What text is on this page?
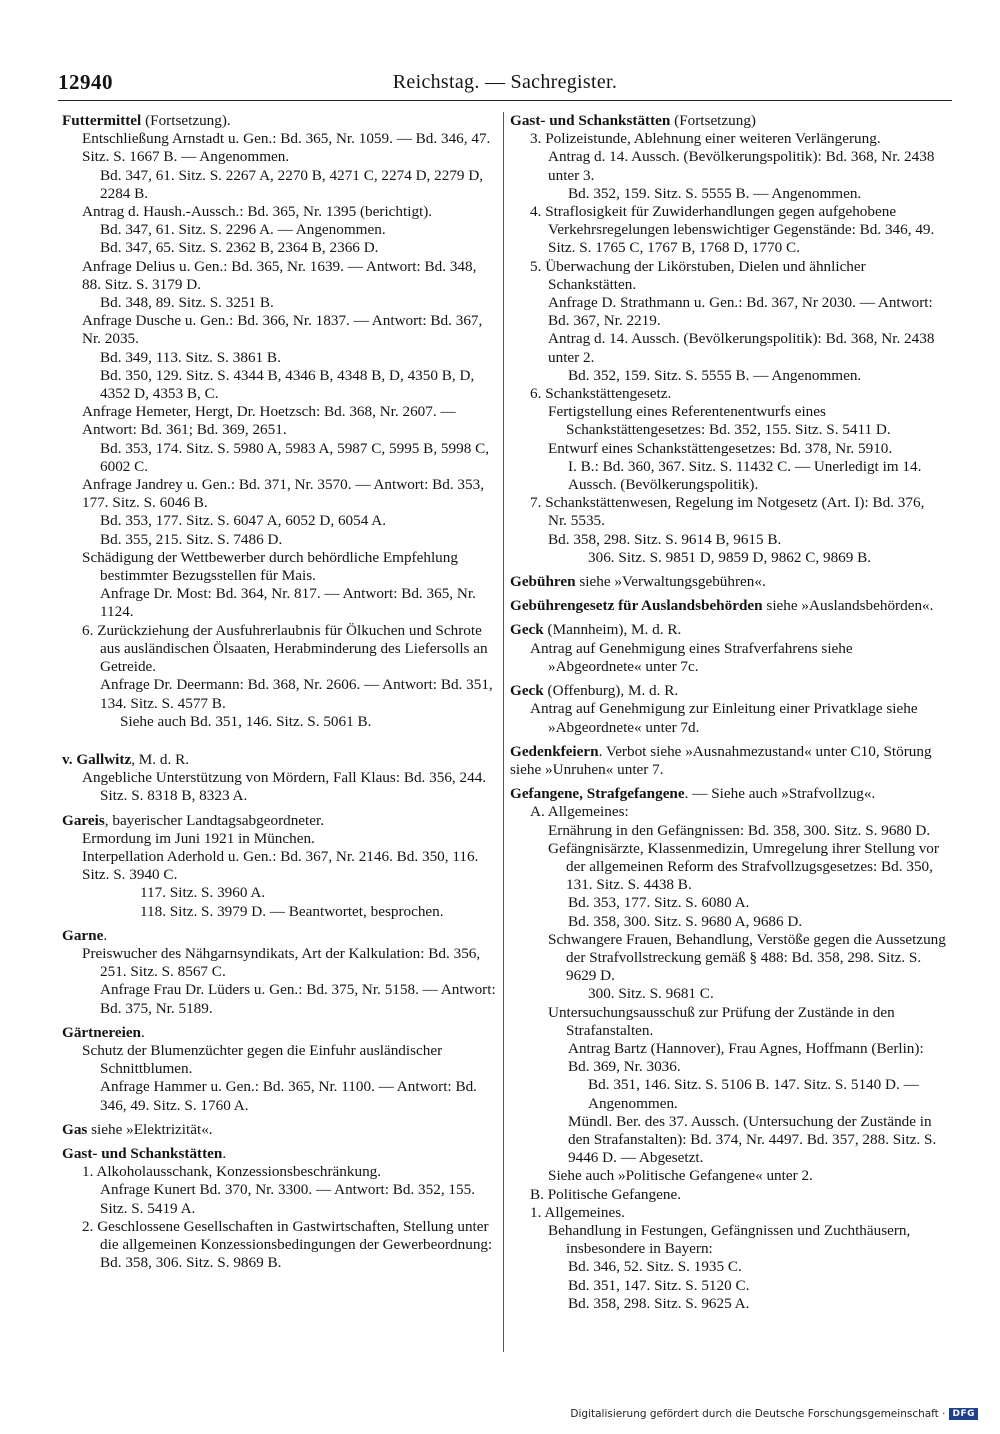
12940	Reichstag. — Sachregister.
Futtermittel (Fortsetzung).
Entschließung Arnstadt u. Gen.: Bd. 365, Nr. 1059. — Bd. 346, 47. Sitz. S. 1667 B. — Angenommen.
Bd. 347, 61. Sitz. S. 2267 A, 2270 B, 4271 C, 2274 D, 2279 D, 2284 B.
Antrag d. Haush.-Aussch.: Bd. 365, Nr. 1395 (berichtigt).
Bd. 347, 61. Sitz. S. 2296 A. — Angenommen.
Bd. 347, 65. Sitz. S. 2362 B, 2364 B, 2366 D.
Anfrage Delius u. Gen.: Bd. 365, Nr. 1639. — Antwort: Bd. 348, 88. Sitz. S. 3179 D.
Bd. 348, 89. Sitz. S. 3251 B.
Anfrage Dusche u. Gen.: Bd. 366, Nr. 1837. — Antwort: Bd. 367, Nr. 2035.
Bd. 349, 113. Sitz. S. 3861 B.
Bd. 350, 129. Sitz. S. 4344 B, 4346 B, 4348 B, D, 4350 B, D, 4352 D, 4353 B, C.
Anfrage Hemeter, Hergt, Dr. Hoetzsch: Bd. 368, Nr. 2607. — Antwort: Bd. 361; Bd. 369, 2651.
Bd. 353, 174. Sitz. S. 5980 A, 5983 A, 5987 C, 5995 B, 5998 C, 6002 C.
Anfrage Jandrey u. Gen.: Bd. 371, Nr. 3570. — Antwort: Bd. 353, 177. Sitz. S. 6046 B.
Bd. 353, 177. Sitz. S. 6047 A, 6052 D, 6054 A.
Bd. 355, 215. Sitz. S. 7486 D.
Schädigung der Wettbewerber durch behördliche Empfehlung bestimmter Bezugsstellen für Mais.
Anfrage Dr. Most: Bd. 364, Nr. 817. — Antwort: Bd. 365, Nr. 1124.
6. Zurückziehung der Ausfuhrerlaubnis für Ölkuchen und Schrote aus ausländischen Ölsaaten, Herabminderung des Liefersolls an Getreide.
Anfrage Dr. Deermann: Bd. 368, Nr. 2606. — Antwort: Bd. 351, 134. Sitz. S. 4577 B.
Siehe auch Bd. 351, 146. Sitz. S. 5061 B.
v. Gallwitz, M. d. R.
Angebliche Unterstützung von Mördern, Fall Klaus: Bd. 356, 244. Sitz. S. 8318 B, 8323 A.
Gareis, bayerischer Landtagsabgeordneter.
Ermordung im Juni 1921 in München.
Interpellation Aderhold u. Gen.: Bd. 367, Nr. 2146. Bd. 350, 116. Sitz. S. 3940 C.
117. Sitz. S. 3960 A.
118. Sitz. S. 3979 D. — Beantwortet, besprochen.
Garne.
Preiswucher des Nähgarnsyndikats, Art der Kalkulation: Bd. 356, 251. Sitz. S. 8567 C.
Anfrage Frau Dr. Lüders u. Gen.: Bd. 375, Nr. 5158. — Antwort: Bd. 375, Nr. 5189.
Gärtnereien.
Schutz der Blumenzüchter gegen die Einfuhr ausländischer Schnittblumen.
Anfrage Hammer u. Gen.: Bd. 365, Nr. 1100. — Antwort: Bd. 346, 49. Sitz. S. 1760 A.
Gas siehe »Elektrizität«.
Gast- und Schankstätten.
1. Alkoholausschank, Konzessionsbeschränkung.
Anfrage Kunert Bd. 370, Nr. 3300. — Antwort: Bd. 352, 155. Sitz. S. 5419 A.
2. Geschlossene Gesellschaften in Gastwirtschaften, Stellung unter die allgemeinen Konzessionsbedingungen der Gewerbeordnung: Bd. 358, 306. Sitz. S. 9869 B.
Gast- und Schankstätten (Fortsetzung)
3. Polizeistunde, Ablehnung einer weiteren Verlängerung.
Antrag d. 14. Aussch. (Bevölkerungspolitik): Bd. 368, Nr. 2438 unter 3.
Bd. 352, 159. Sitz. S. 5555 B. — Angenommen.
4. Straflosigkeit für Zuwiderhandlungen gegen aufgehobene Verkehrsregelungen lebenswichtiger Gegenstände: Bd. 346, 49. Sitz. S. 1765 C, 1767 B, 1768 D, 1770 C.
5. Überwachung der Likörstuben, Dielen und ähnlicher Schankstätten.
Anfrage D. Strathmann u. Gen.: Bd. 367, Nr 2030. — Antwort: Bd. 367, Nr. 2219.
Antrag d. 14. Aussch. (Bevölkerungspolitik): Bd. 368, Nr. 2438 unter 2.
Bd. 352, 159. Sitz. S. 5555 B. — Angenommen.
6. Schankstättengesetz.
Fertigstellung eines Referentenentwurfs eines Schankstättengesetzes: Bd. 352, 155. Sitz. S. 5411 D.
Entwurf eines Schankstättengesetzes: Bd. 378, Nr. 5910.
I. B.: Bd. 360, 367. Sitz. S. 11432 C. — Unerledigt im 14. Aussch. (Bevölkerungspolitik).
7. Schankstättenwesen, Regelung im Notgesetz (Art. I): Bd. 376, Nr. 5535.
Bd. 358, 298. Sitz. S. 9614 B, 9615 B.
306. Sitz. S. 9851 D, 9859 D, 9862 C, 9869 B.
Gebühren siehe »Verwaltungsgebühren«.
Gebührengesetz für Auslandsbehörden siehe »Auslandsbehörden«.
Geck (Mannheim), M. d. R.
Antrag auf Genehmigung eines Strafverfahrens siehe »Abgeordnete« unter 7c.
Geck (Offenburg), M. d. R.
Antrag auf Genehmigung zur Einleitung einer Privatklage siehe »Abgeordnete« unter 7d.
Gedenkfeiern. Verbot siehe »Ausnahmezustand« unter C10, Störung siehe »Unruhen« unter 7.
Gefangene, Strafgefangene. — Siehe auch »Strafvollzug«.
A. Allgemeines:
Ernährung in den Gefängnissen: Bd. 358, 300. Sitz. S. 9680 D.
Gefängnisärzte, Klassenmedizin, Umregelung ihrer Stellung vor der allgemeinen Reform des Strafvollzugsgesetzes: Bd. 350, 131. Sitz. S. 4438 B.
Bd. 353, 177. Sitz. S. 6080 A.
Bd. 358, 300. Sitz. S. 9680 A, 9686 D.
Schwangere Frauen, Behandlung, Verstöße gegen die Aussetzung der Strafvollstreckung gemäß § 488: Bd. 358, 298. Sitz. S. 9629 D.
300. Sitz. S. 9681 C.
Untersuchungsausschuß zur Prüfung der Zustände in den Strafanstalten.
Antrag Bartz (Hannover), Frau Agnes, Hoffmann (Berlin): Bd. 369, Nr. 3036.
Bd. 351, 146. Sitz. S. 5106 B. 147. Sitz. S. 5140 D. — Angenommen.
Mündl. Ber. des 37. Aussch. (Untersuchung der Zustände in den Strafanstalten): Bd. 374, Nr. 4497. Bd. 357, 288. Sitz. S. 9446 D. — Abgesetzt.
Siehe auch »Politische Gefangene« unter 2.
B. Politische Gefangene.
1. Allgemeines.
Behandlung in Festungen, Gefängnissen und Zuchthäusern, insbesondere in Bayern:
Bd. 346, 52. Sitz. S. 1935 C.
Bd. 351, 147. Sitz. S. 5120 C.
Bd. 358, 298. Sitz. S. 9625 A.
Digitalisierung gefördert durch die Deutsche Forschungsgemeinschaft · DFG
